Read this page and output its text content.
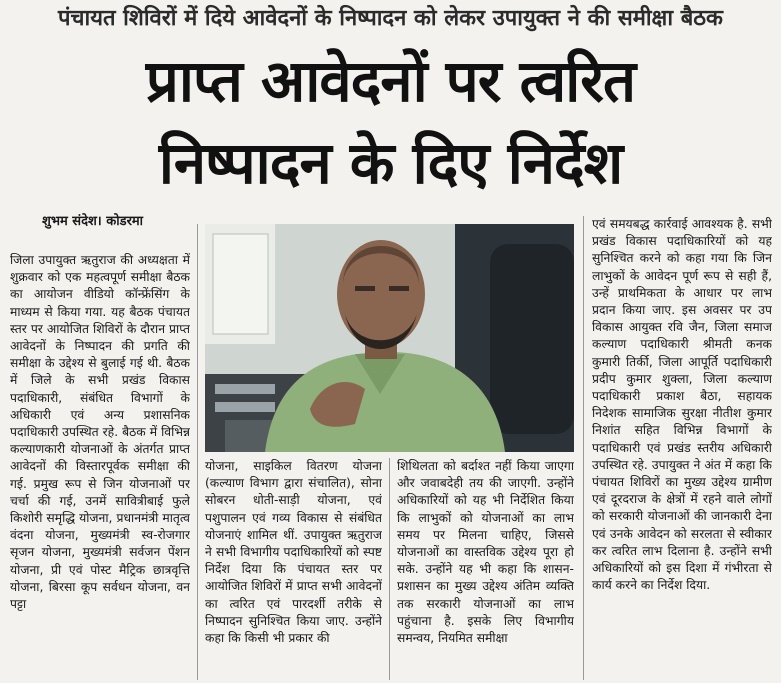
पंचायत शिविरों में दिये आवेदनों के निष्पादन को लेकर उपायुक्त ने की समीक्षा बैठक
प्राप्त आवेदनों पर त्वरित
निष्पादन के दिए निर्देश
शुभम संदेश। कोडरमा
जिला उपायुक्त ऋतुराज की अध्यक्षता में शुक्रवार को एक महत्वपूर्ण समीक्षा बैठक का आयोजन वीडियो कॉन्फ्रेंसिंग के माध्यम से किया गया. यह बैठक पंचायत स्तर पर आयोजित शिविरों के दौरान प्राप्त आवेदनों के निष्पादन की प्रगति की समीक्षा के उद्देश्य से बुलाई गई थी. बैठक में जिले के सभी प्रखंड विकास पदाधिकारी, संबंधित विभागों के अधिकारी एवं अन्य प्रशासनिक पदाधिकारी उपस्थित रहे. बैठक में विभिन्न कल्याणकारी योजनाओं के अंतर्गत प्राप्त आवेदनों की विस्तारपूर्वक समीक्षा की गई. प्रमुख रूप से जिन योजनाओं पर चर्चा की गई, उनमें सावित्रीबाई फुले किशोरी समृद्धि योजना, प्रधानमंत्री मातृत्व वंदना योजना, मुख्यमंत्री स्व-रोजगार सृजन योजना, मुख्यमंत्री सर्वजन पेंशन योजना, प्री एवं पोस्ट मैट्रिक छात्रवृत्ति योजना, बिरसा कूप सर्वधन योजना, वन पट्टा
योजना, साइकिल वितरण योजना (कल्याण विभाग द्वारा संचालित), सोना सोबरन धोती-साड़ी योजना, एवं पशुपालन एवं गव्य विकास से संबंधित योजनाएं शामिल थीं. उपायुक्त ऋतुराज ने सभी विभागीय पदाधिकारियों को स्पष्ट निर्देश दिया कि पंचायत स्तर पर आयोजित शिविरों में प्राप्त सभी आवेदनों का त्वरित एवं पारदर्शी तरीके से निष्पादन सुनिश्चित किया जाए. उन्होंने कहा कि किसी भी प्रकार की
शिथिलता को बर्दाश्त नहीं किया जाएगा और जवाबदेही तय की जाएगी. उन्होंने अधिकारियों को यह भी निर्देशित किया कि लाभुकों को योजनाओं का लाभ समय पर मिलना चाहिए, जिससे योजनाओं का वास्तविक उद्देश्य पूरा हो सके. उन्होंने यह भी कहा कि शासन-प्रशासन का मुख्य उद्देश्य अंतिम व्यक्ति तक सरकारी योजनाओं का लाभ पहुंचाना है. इसके लिए विभागीय समन्वय, नियमित समीक्षा
एवं समयबद्ध कार्रवाई आवश्यक है. सभी प्रखंड विकास पदाधिकारियों को यह सुनिश्चित करने को कहा गया कि जिन लाभुकों के आवेदन पूर्ण रूप से सही हैं, उन्हें प्राथमिकता के आधार पर लाभ प्रदान किया जाए. इस अवसर पर उप विकास आयुक्त रवि जैन, जिला समाज कल्याण पदाधिकारी श्रीमती कनक कुमारी तिर्की, जिला आपूर्ति पदाधिकारी प्रदीप कुमार शुक्ला, जिला कल्याण पदाधिकारी प्रकाश बैठा, सहायक निदेशक सामाजिक सुरक्षा नीतीश कुमार निशांत सहित विभिन्न विभागों के पदाधिकारी एवं प्रखंड स्तरीय अधिकारी उपस्थित रहे. उपायुक्त ने अंत में कहा कि पंचायत शिविरों का मुख्य उद्देश्य ग्रामीण एवं दूरदराज के क्षेत्रों में रहने वाले लोगों को सरकारी योजनाओं की जानकारी देना एवं उनके आवेदन को सरलता से स्वीकार कर त्वरित लाभ दिलाना है. उन्होंने सभी अधिकारियों को इस दिशा में गंभीरता से कार्य करने का निर्देश दिया.
